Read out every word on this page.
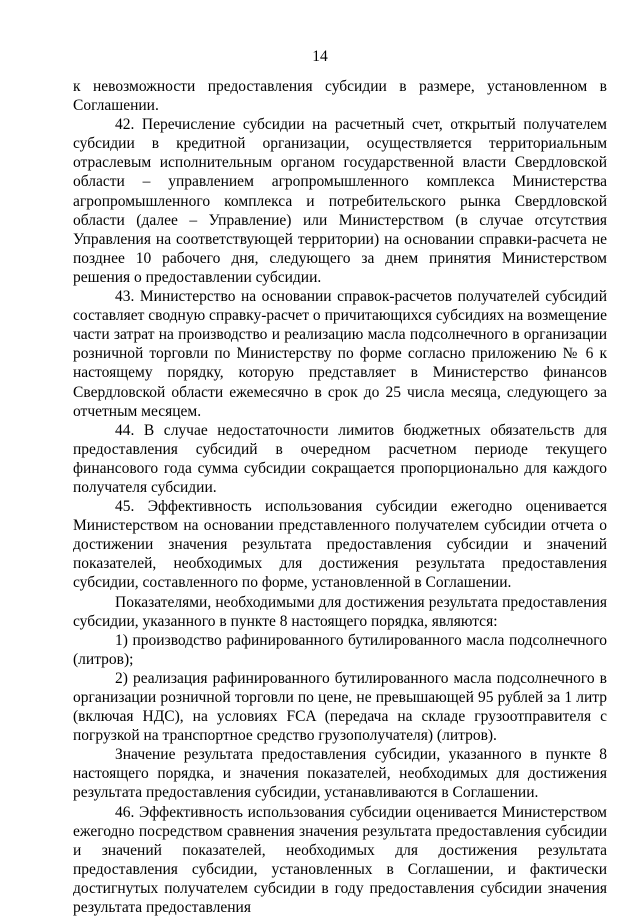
14

к невозможности предоставления субсидии в размере, установленном в Соглашении.

42. Перечисление субсидии на расчетный счет, открытый получателем субсидии в кредитной организации, осуществляется территориальным отраслевым исполнительным органом государственной власти Свердловской области – управлением агропромышленного комплекса Министерства агропромышленного комплекса и потребительского рынка Свердловской области (далее – Управление) или Министерством (в случае отсутствия Управления на соответствующей территории) на основании справки-расчета не позднее 10 рабочего дня, следующего за днем принятия Министерством решения о предоставлении субсидии.

43. Министерство на основании справок-расчетов получателей субсидий составляет сводную справку-расчет о причитающихся субсидиях на возмещение части затрат на производство и реализацию масла подсолнечного в организации розничной торговли по Министерству по форме согласно приложению № 6 к настоящему порядку, которую представляет в Министерство финансов Свердловской области ежемесячно в срок до 25 числа месяца, следующего за отчетным месяцем.

44. В случае недостаточности лимитов бюджетных обязательств для предоставления субсидий в очередном расчетном периоде текущего финансового года сумма субсидии сокращается пропорционально для каждого получателя субсидии.

45. Эффективность использования субсидии ежегодно оценивается Министерством на основании представленного получателем субсидии отчета о достижении значения результата предоставления субсидии и значений показателей, необходимых для достижения результата предоставления субсидии, составленного по форме, установленной в Соглашении.

Показателями, необходимыми для достижения результата предоставления субсидии, указанного в пункте 8 настоящего порядка, являются:

1) производство рафинированного бутилированного масла подсолнечного (литров);

2) реализация рафинированного бутилированного масла подсолнечного в организации розничной торговли по цене, не превышающей 95 рублей за 1 литр (включая НДС), на условиях FCA (передача на складе грузоотправителя с погрузкой на транспортное средство грузополучателя) (литров).

Значение результата предоставления субсидии, указанного в пункте 8 настоящего порядка, и значения показателей, необходимых для достижения результата предоставления субсидии, устанавливаются в Соглашении.

46. Эффективность использования субсидии оценивается Министерством ежегодно посредством сравнения значения результата предоставления субсидии и значений показателей, необходимых для достижения результата предоставления субсидии, установленных в Соглашении, и фактически достигнутых получателем субсидии в году предоставления субсидии значения результата предоставления
